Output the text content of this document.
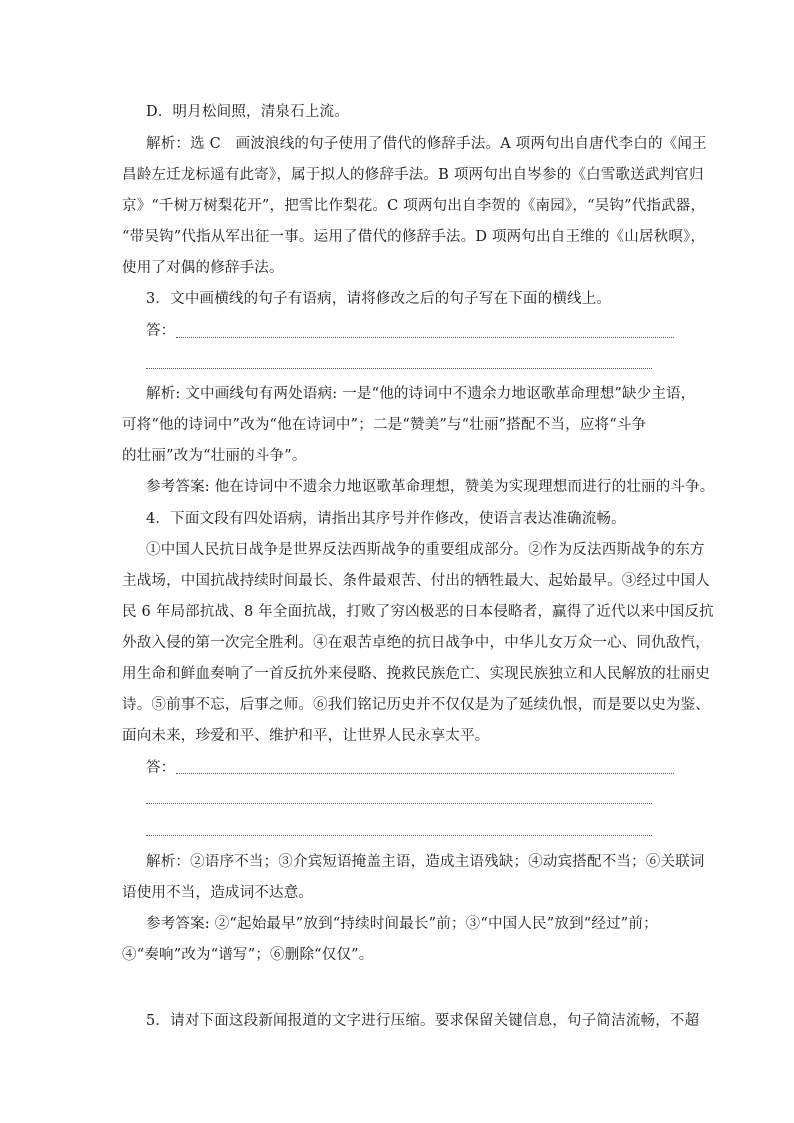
D．明月松间照，清泉石上流。
解析：选 C　画波浪线的句子使用了借代的修辞手法。A 项两句出自唐代李白的《闻王
昌龄左迁龙标遥有此寄》，属于拟人的修辞手法。B 项两句出自岑参的《白雪歌送武判官归
京》“千树万树梨花开”，把雪比作梨花。C 项两句出自李贺的《南园》，“吴钩”代指武器，
“带吴钩”代指从军出征一事。运用了借代的修辞手法。D 项两句出自王维的《山居秋暝》，
使用了对偶的修辞手法。
3．文中画横线的句子有语病，请将修改之后的句子写在下面的横线上。
答：
解析: 文中画线句有两处语病: 一是“他的诗词中不遗余力地讴歌革命理想”缺少主语，
可将“他的诗词中”改为“他在诗词中”；二是“赞美”与“壮丽”搭配不当，应将“斗争
的壮丽”改为“壮丽的斗争”。
参考答案: 他在诗词中不遗余力地讴歌革命理想，赞美为实现理想而进行的壮丽的斗争。
4．下面文段有四处语病，请指出其序号并作修改，使语言表达准确流畅。
①中国人民抗日战争是世界反法西斯战争的重要组成部分。②作为反法西斯战争的东方
主战场，中国抗战持续时间最长、条件最艰苦、付出的牺牲最大、起始最早。③经过中国人
民 6 年局部抗战、8 年全面抗战，打败了穷凶极恶的日本侵略者，赢得了近代以来中国反抗
外敌入侵的第一次完全胜利。④在艰苦卓绝的抗日战争中，中华儿女万众一心、同仇敌忾，
用生命和鲜血奏响了一首反抗外来侵略、挽救民族危亡、实现民族独立和人民解放的壮丽史
诗。⑤前事不忘，后事之师。⑥我们铭记历史并不仅仅是为了延续仇恨，而是要以史为鉴、
面向未来，珍爱和平、维护和平，让世界人民永享太平。
答：
解析：②语序不当；③介宾短语掩盖主语，造成主语残缺；④动宾搭配不当；⑥关联词
语使用不当，造成词不达意。
参考答案: ②“起始最早”放到“持续时间最长”前；③“中国人民”放到“经过”前；
④“奏响”改为“谱写”；⑥删除“仅仅”。
5．请对下面这段新闻报道的文字进行压缩。要求保留关键信息，句子简洁流畅，不超
